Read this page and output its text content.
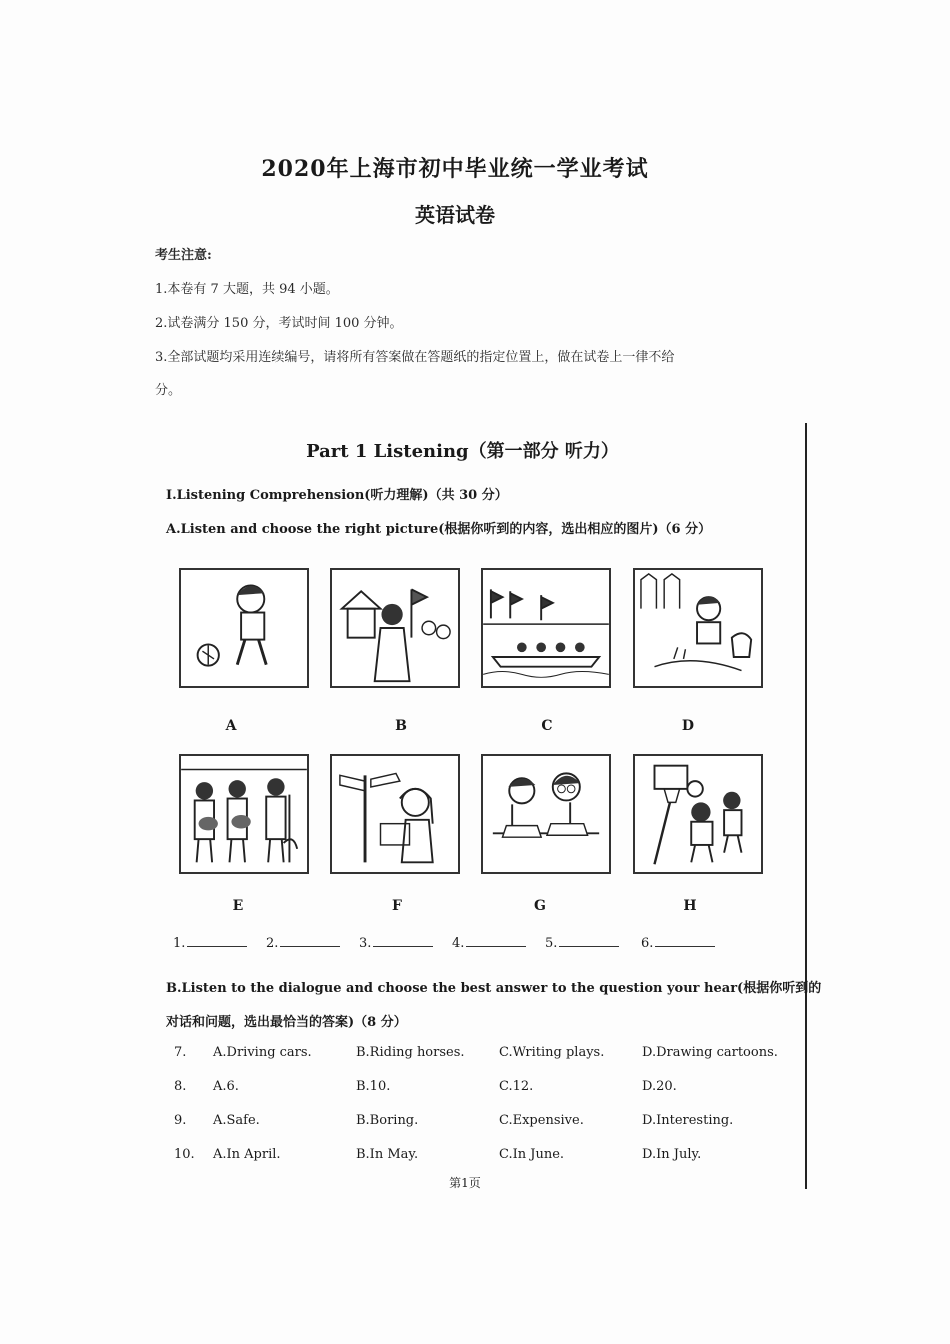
2020年上海市初中毕业统一学业考试
英语试卷
考生注意:
1.本卷有 7 大题，共 94 小题。
2.试卷满分 150 分，考试时间 100 分钟。
3.全部试题均采用连续编号，请将所有答案做在答题纸的指定位置上，做在试卷上一律不给
分。
Part 1 Listening（第一部分 听力）
I.Listening Comprehension(听力理解)（共 30 分）
A.Listen and choose the right picture(根据你听到的内容，选出相应的图片)（6 分）
A	B	C	D
E	F	G	H
1.	2.	3.	4.	5.	6.
B.Listen to the dialogue and choose the best answer to the question your hear(根据你听到的
对话和问题，选出最恰当的答案)（8 分）
7. A.Driving cars.	B.Riding horses.	C.Writing plays.	D.Drawing cartoons.
8. A.6.	B.10.	C.12.	D.20.
9. A.Safe.	B.Boring.	C.Expensive.	D.Interesting.
10. A.In April.	B.In May.	C.In June.	D.In July.
第1页
